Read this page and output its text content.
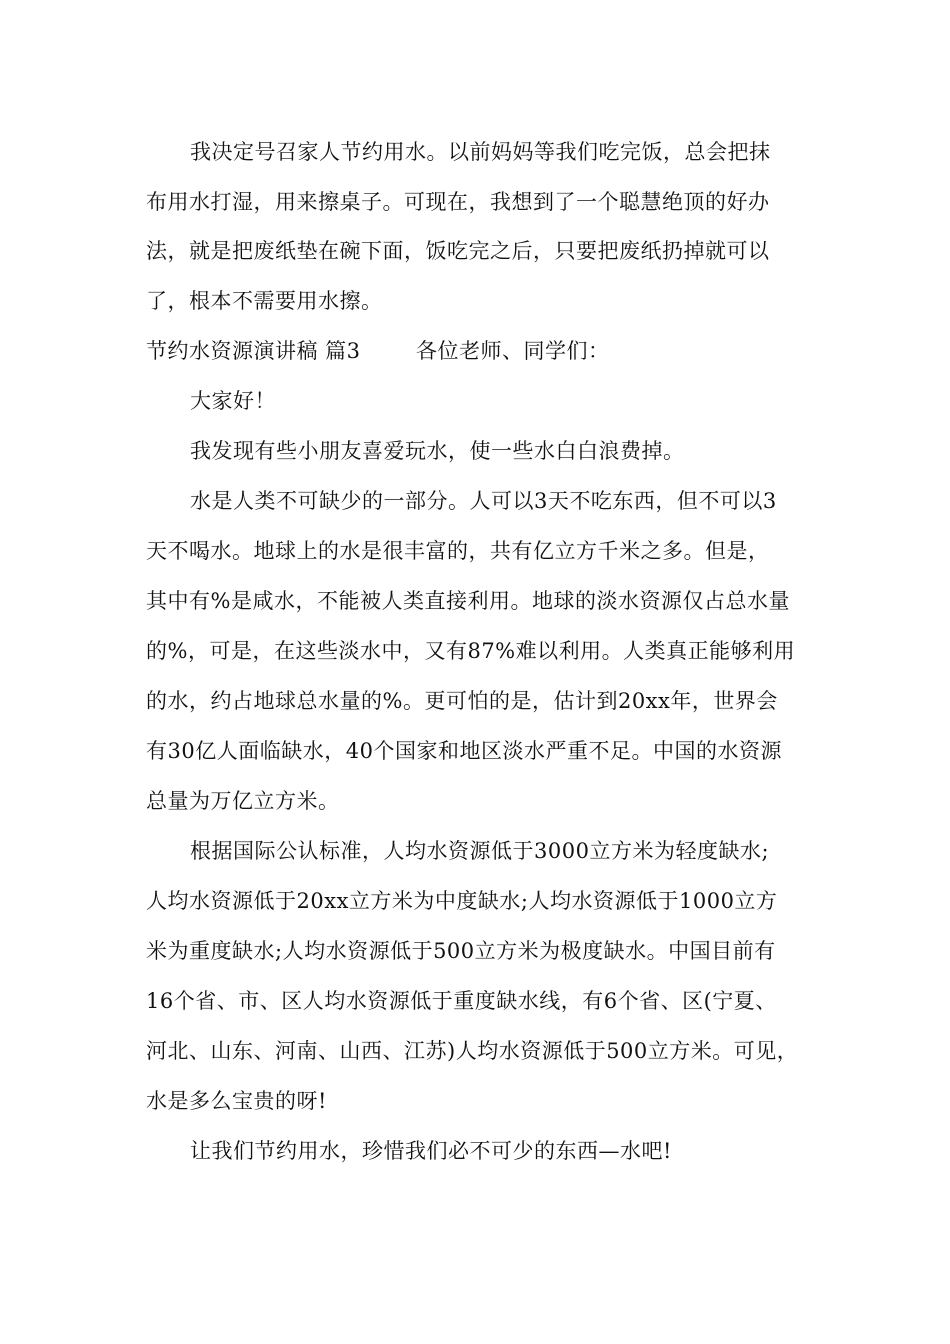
我决定号召家人节约用水。以前妈妈等我们吃完饭，总会把抹
布用水打湿，用来擦桌子。可现在，我想到了一个聪慧绝顶的好办
法，就是把废纸垫在碗下面，饭吃完之后，只要把废纸扔掉就可以
了，根本不需要用水擦。
节约水资源演讲稿 篇3	各位老师、同学们：
大家好！
我发现有些小朋友喜爱玩水，使一些水白白浪费掉。
水是人类不可缺少的一部分。人可以3天不吃东西，但不可以3
天不喝水。地球上的水是很丰富的，共有亿立方千米之多。但是，
其中有%是咸水，不能被人类直接利用。地球的淡水资源仅占总水量
的%，可是，在这些淡水中，又有87%难以利用。人类真正能够利用
的水，约占地球总水量的%。更可怕的是，估计到20xx年，世界会
有30亿人面临缺水，40个国家和地区淡水严重不足。中国的水资源
总量为万亿立方米。
根据国际公认标准，人均水资源低于3000立方米为轻度缺水;
人均水资源低于20xx立方米为中度缺水;人均水资源低于1000立方
米为重度缺水;人均水资源低于500立方米为极度缺水。中国目前有
16个省、市、区人均水资源低于重度缺水线，有6个省、区(宁夏、
河北、山东、河南、山西、江苏)人均水资源低于500立方米。可见，
水是多么宝贵的呀!
让我们节约用水，珍惜我们必不可少的东西—水吧!
